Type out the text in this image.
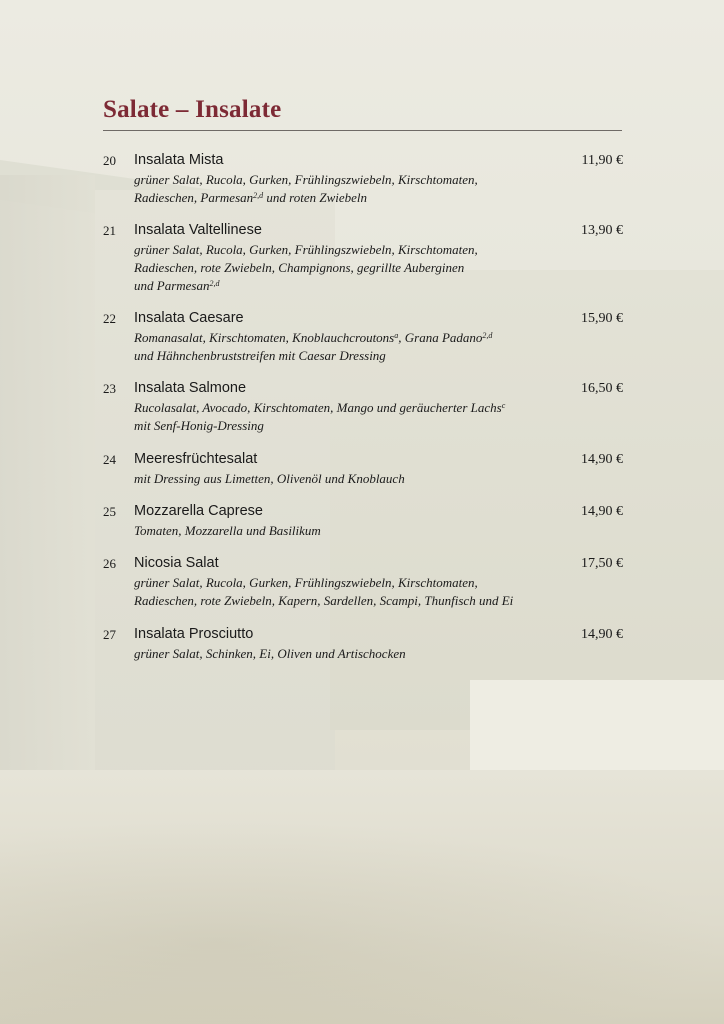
Salate – Insalate
20	Insalata Mista	11,90 €
grüner Salat, Rucola, Gurken, Frühlingszwiebeln, Kirschtomaten,
Radieschen, Parmesan$^{2,d}$ und roten Zwiebeln
21	Insalata Valtellinese	13,90 €
grüner Salat, Rucola, Gurken, Frühlingszwiebeln, Kirschtomaten,
Radieschen, rote Zwiebeln, Champignons, gegrillte Auberginen
und Parmesan$^{2,d}$
22	Insalata Caesare	15,90 €
Romanasalat, Kirschtomaten, Knoblauchcroutons$^a$, Grana Padano$^{2,d}$
und Hähnchenbruststreifen mit Caesar Dressing
23	Insalata Salmone	16,50 €
Rucolasalat, Avocado, Kirschtomaten, Mango und geräucherter Lachs$^c$
mit Senf-Honig-Dressing
24	Meeresfrüchtesalat	14,90 €
mit Dressing aus Limetten, Olivenöl und Knoblauch
25	Mozzarella Caprese	14,90 €
Tomaten, Mozzarella und Basilikum
26	Nicosia Salat	17,50 €
grüner Salat, Rucola, Gurken, Frühlingszwiebeln, Kirschtomaten,
Radieschen, rote Zwiebeln, Kapern, Sardellen, Scampi, Thunfisch und Ei
27	Insalata Prosciutto	14,90 €
grüner Salat, Schinken, Ei, Oliven und Artischocken
